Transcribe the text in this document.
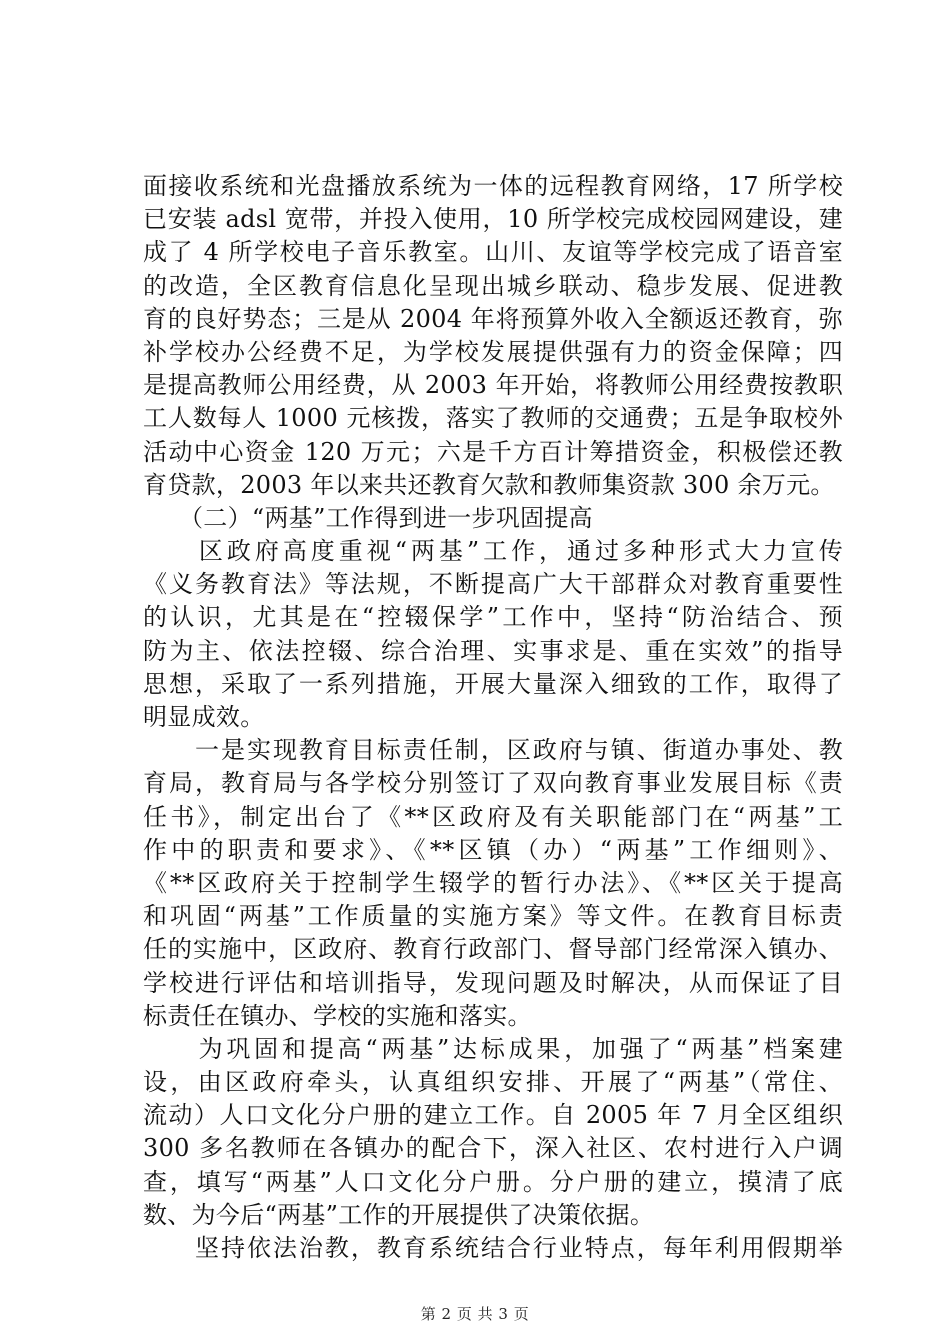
面接收系统和光盘播放系统为一体的远程教育网络，17 所学校
已安装 adsl 宽带，并投入使用，10 所学校完成校园网建设，建
成了 4 所学校电子音乐教室。山川、友谊等学校完成了语音室
的改造，全区教育信息化呈现出城乡联动、稳步发展、促进教
育的良好势态；三是从 2004 年将预算外收入全额返还教育，弥
补学校办公经费不足，为学校发展提供强有力的资金保障；四
是提高教师公用经费，从 2003 年开始，将教师公用经费按教职
工人数每人 1000 元核拨，落实了教师的交通费；五是争取校外
活动中心资金 120 万元；六是千方百计筹措资金，积极偿还教
育贷款，2003 年以来共还教育欠款和教师集资款 300 余万元。
（二）“两基”工作得到进一步巩固提高
　　区政府高度重视“两基”工作，通过多种形式大力宣传
《义务教育法》等法规，不断提高广大干部群众对教育重要性
的认识，尤其是在“控辍保学”工作中，坚持“防治结合、预
防为主、依法控辍、综合治理、实事求是、重在实效”的指导
思想，采取了一系列措施，开展大量深入细致的工作，取得了
明显成效。
　　一是实现教育目标责任制，区政府与镇、街道办事处、教
育局，教育局与各学校分别签订了双向教育事业发展目标《责
任书》，制定出台了《**区政府及有关职能部门在“两基”工
作中的职责和要求》、《**区镇（办）“两基”工作细则》、
《**区政府关于控制学生辍学的暂行办法》、《**区关于提高
和巩固“两基”工作质量的实施方案》等文件。在教育目标责
任的实施中，区政府、教育行政部门、督导部门经常深入镇办、
学校进行评估和培训指导，发现问题及时解决，从而保证了目
标责任在镇办、学校的实施和落实。
　　为巩固和提高“两基”达标成果，加强了“两基”档案建
设，由区政府牵头，认真组织安排、开展了“两基”（常住、
流动）人口文化分户册的建立工作。自 2005 年 7 月全区组织
300 多名教师在各镇办的配合下，深入社区、农村进行入户调
查，填写“两基”人口文化分户册。分户册的建立，摸清了底
数、为今后“两基”工作的开展提供了决策依据。
　　坚持依法治教，教育系统结合行业特点，每年利用假期举
第 2 页 共 3 页
